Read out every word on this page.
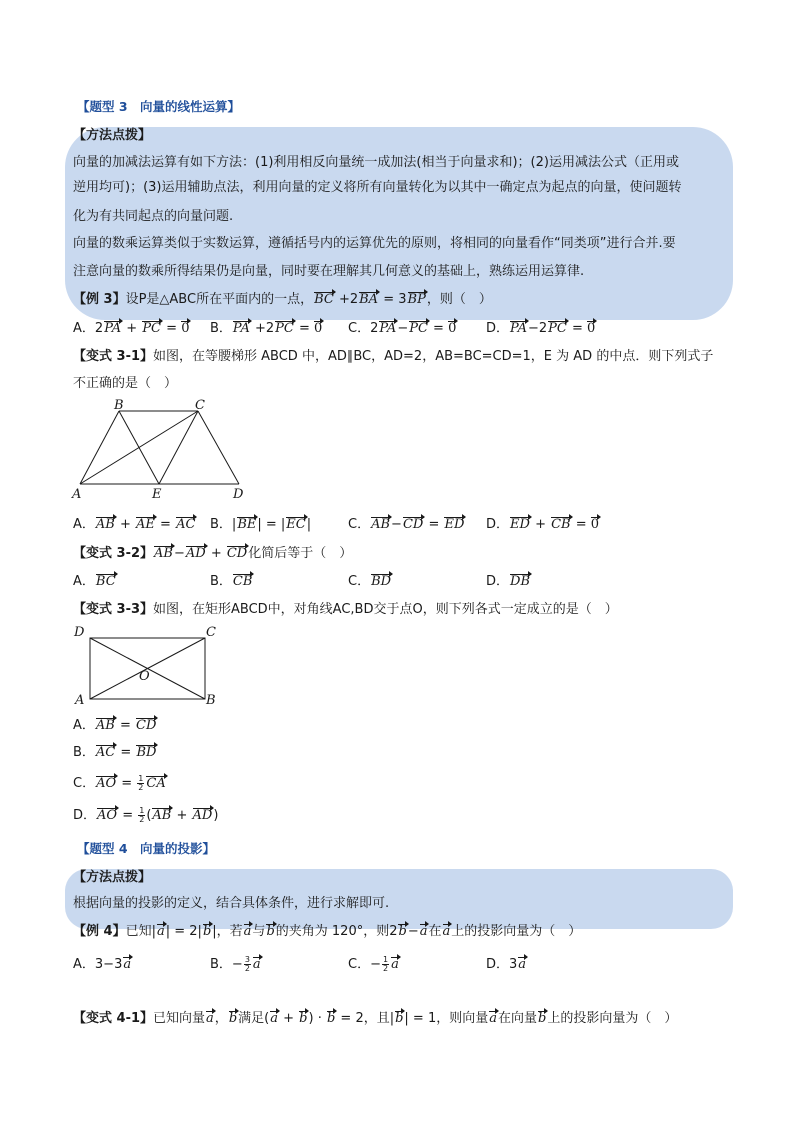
【题型 3　向量的线性运算】
【方法点拨】
向量的加减法运算有如下方法：(1)利用相反向量统一成加法(相当于向量求和)；(2)运用减法公式（正用或
逆用均可)；(3)运用辅助点法，利用向量的定义将所有向量转化为以其中一确定点为起点的向量，使问题转
化为有共同起点的向量问题.
向量的数乘运算类似于实数运算，遵循括号内的运算优先的原则，将相同的向量看作“同类项”进行合并.要
注意向量的数乘所得结果仍是向量，同时要在理解其几何意义的基础上，熟练运用运算律.
【例 3】设P是△ABC所在平面内的一点，BC +2BA = 3BP，则（　）
A．2PA + PC = 0 B．PA +2PC = 0 C．2PA−PC = 0 D．PA−2PC = 0
【变式 3-1】如图，在等腰梯形 ABCD 中，AD∥BC，AD=2，AB=BC=CD=1，E 为 AD 的中点．则下列式子
不正确的是（　）
B	C
A	E	D
A．AB + AE = AC B．|BE| = |EC|	C．AB−CD = ED D．ED + CB = 0
【变式 3-2】AB−AD + CD化简后等于（　）
A．BC	B．CB	C．BD	D．DB
【变式 3-3】如图，在矩形ABCD中，对角线AC,BD交于点O，则下列各式一定成立的是（　）
D	C
O
A	B
A．AB = CD
B．AC = BD
C．AO = $\frac{1}{2}$ CA
D．AO = $\frac{1}{2} (AB + AD)$
【题型 4　向量的投影】
【方法点拨】
根据向量的投影的定义，结合具体条件，进行求解即可.
【例 4】已知|a| = 2|b|，若a与b的夹角为 120°，则2b−a在a上的投影向量为（　）
A．3−3a	B．− $\frac{3}{2}$ a	C．− $\frac{1}{2}$ a	D．3a
【变式 4-1】已知向量a，b满足(a + b) · b = 2，且|b| = 1，则向量a在向量b上的投影向量为（　）
